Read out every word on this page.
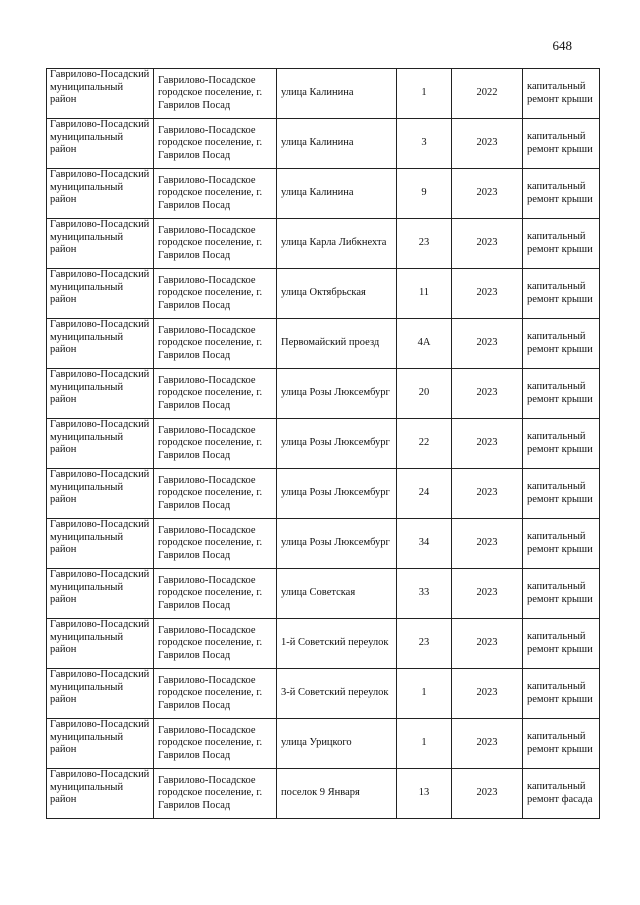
648
Гаврилово-Посадский муниципальный район	Гаврилово-Посадское городское поселение, г. Гаврилов Посад	улица Калинина	1	2022	капитальный ремонт крыши
Гаврилово-Посадский муниципальный район	Гаврилово-Посадское городское поселение, г. Гаврилов Посад	улица Калинина	3	2023	капитальный ремонт крыши
Гаврилово-Посадский муниципальный район	Гаврилово-Посадское городское поселение, г. Гаврилов Посад	улица Калинина	9	2023	капитальный ремонт крыши
Гаврилово-Посадский муниципальный район	Гаврилово-Посадское городское поселение, г. Гаврилов Посад	улица Карла Либкнехта	23	2023	капитальный ремонт крыши
Гаврилово-Посадский муниципальный район	Гаврилово-Посадское городское поселение, г. Гаврилов Посад	улица Октябрьская	11	2023	капитальный ремонт крыши
Гаврилово-Посадский муниципальный район	Гаврилово-Посадское городское поселение, г. Гаврилов Посад	Первомайский проезд	4А	2023	капитальный ремонт крыши
Гаврилово-Посадский муниципальный район	Гаврилово-Посадское городское поселение, г. Гаврилов Посад	улица Розы Люксембург	20	2023	капитальный ремонт крыши
Гаврилово-Посадский муниципальный район	Гаврилово-Посадское городское поселение, г. Гаврилов Посад	улица Розы Люксембург	22	2023	капитальный ремонт крыши
Гаврилово-Посадский муниципальный район	Гаврилово-Посадское городское поселение, г. Гаврилов Посад	улица Розы Люксембург	24	2023	капитальный ремонт крыши
Гаврилово-Посадский муниципальный район	Гаврилово-Посадское городское поселение, г. Гаврилов Посад	улица Розы Люксембург	34	2023	капитальный ремонт крыши
Гаврилово-Посадский муниципальный район	Гаврилово-Посадское городское поселение, г. Гаврилов Посад	улица Советская	33	2023	капитальный ремонт крыши
Гаврилово-Посадский муниципальный район	Гаврилово-Посадское городское поселение, г. Гаврилов Посад	1-й Советский переулок	23	2023	капитальный ремонт крыши
Гаврилово-Посадский муниципальный район	Гаврилово-Посадское городское поселение, г. Гаврилов Посад	3-й Советский переулок	1	2023	капитальный ремонт крыши
Гаврилово-Посадский муниципальный район	Гаврилово-Посадское городское поселение, г. Гаврилов Посад	улица Урицкого	1	2023	капитальный ремонт крыши
Гаврилово-Посадский муниципальный район	Гаврилово-Посадское городское поселение, г. Гаврилов Посад	поселок 9 Января	13	2023	капитальный ремонт фасада
